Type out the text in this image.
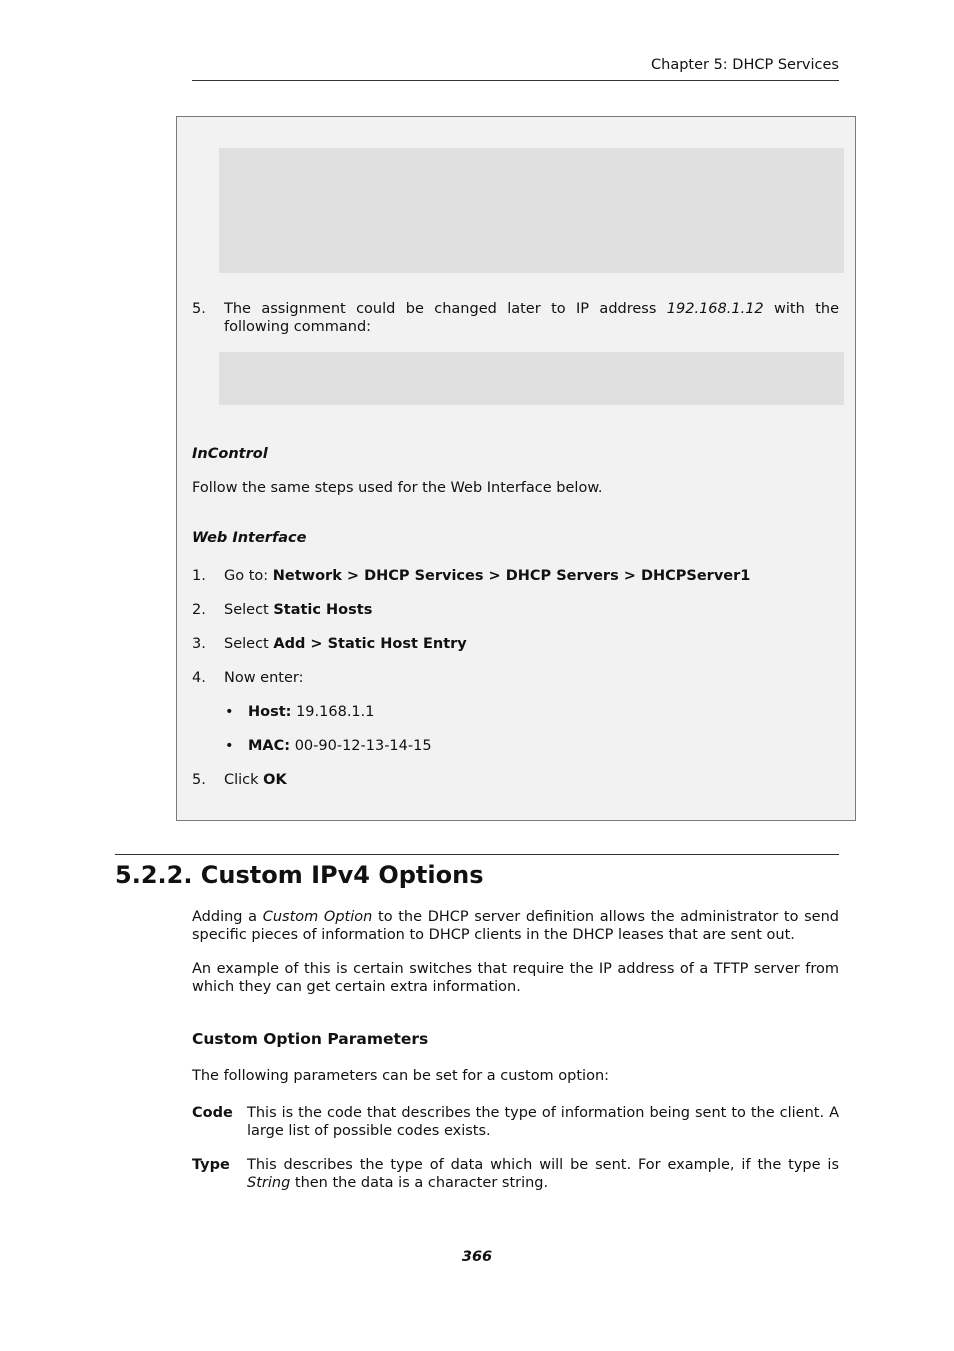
Chapter 5: DHCP Services
5.	The assignment could be changed later to IP address 192.168.1.12 with the following command:
InControl
Follow the same steps used for the Web Interface below.
Web Interface
1.	Go to: Network > DHCP Services > DHCP Servers > DHCPServer1
2.	Select Static Hosts
3.	Select Add > Static Host Entry
4.	Now enter:
• Host: 19.168.1.1
• MAC: 00-90-12-13-14-15
5.	Click OK
5.2.2. Custom IPv4 Options
Adding a Custom Option to the DHCP server definition allows the administrator to send specific pieces of information to DHCP clients in the DHCP leases that are sent out.
An example of this is certain switches that require the IP address of a TFTP server from which they can get certain extra information.
Custom Option Parameters
The following parameters can be set for a custom option:
Code This is the code that describes the type of information being sent to the client. A large list of possible codes exists.
Type This describes the type of data which will be sent. For example, if the type is String then the data is a character string.
366
